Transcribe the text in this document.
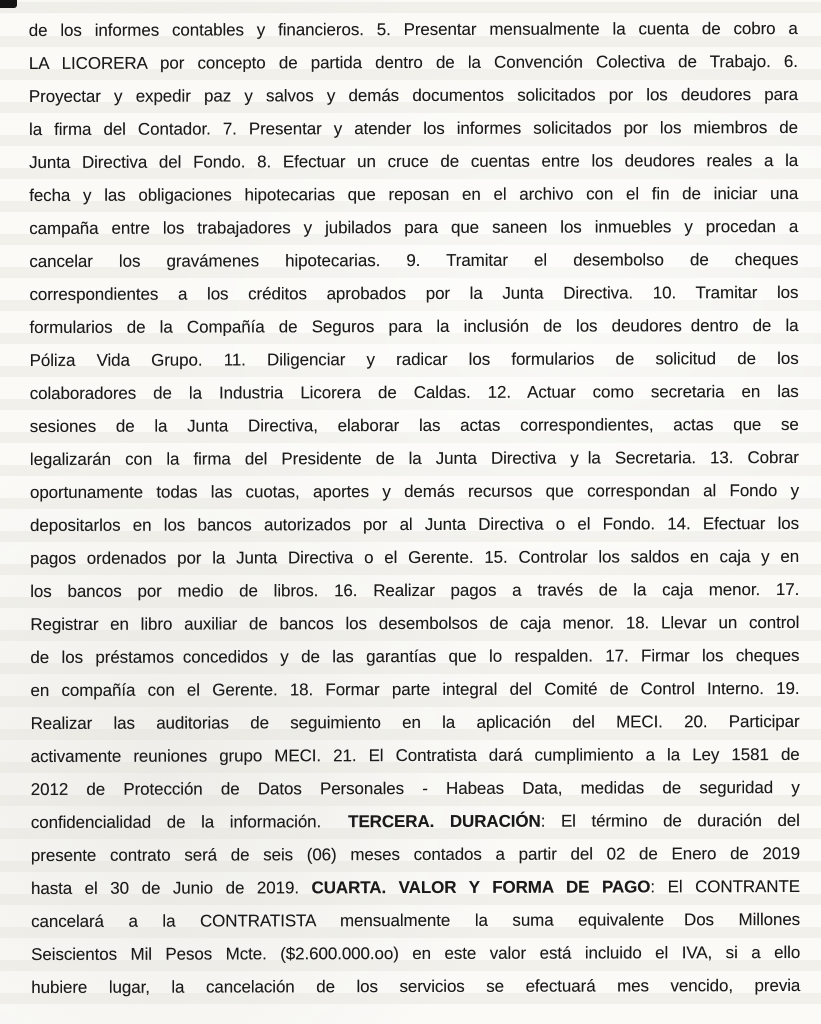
de los informes contables y financieros. 5. Presentar mensualmente la cuenta de cobro a
LA LICORERA por concepto de partida dentro de la Convención Colectiva de Trabajo. 6.
Proyectar y expedir paz y salvos y demás documentos solicitados por los deudores para
la firma del Contador. 7. Presentar y atender los informes solicitados por los miembros de
Junta Directiva del Fondo. 8. Efectuar un cruce de cuentas entre los deudores reales a la
fecha y las obligaciones hipotecarias que reposan en el archivo con el fin de iniciar una
campaña entre los trabajadores y jubilados para que saneen los inmuebles y procedan a
cancelar los gravámenes hipotecarias. 9. Tramitar el desembolso de cheques
correspondientes a los créditos aprobados por la Junta Directiva. 10. Tramitar los
formularios de la Compañía de Seguros para la inclusión de los deudores dentro de la
Póliza Vida Grupo. 11. Diligenciar y radicar los formularios de solicitud de los
colaboradores de la Industria Licorera de Caldas. 12. Actuar como secretaria en las
sesiones de la Junta Directiva, elaborar las actas correspondientes, actas que se
legalizarán con la firma del Presidente de la Junta Directiva y la Secretaria. 13. Cobrar
oportunamente todas las cuotas, aportes y demás recursos que correspondan al Fondo y
depositarlos en los bancos autorizados por al Junta Directiva o el Fondo. 14. Efectuar los
pagos ordenados por la Junta Directiva o el Gerente. 15. Controlar los saldos en caja y en
los bancos por medio de libros. 16. Realizar pagos a través de la caja menor. 17.
Registrar en libro auxiliar de bancos los desembolsos de caja menor. 18. Llevar un control
de los préstamos concedidos y de las garantías que lo respalden. 17. Firmar los cheques
en compañía con el Gerente. 18. Formar parte integral del Comité de Control Interno. 19.
Realizar las auditorias de seguimiento en la aplicación del MECI. 20. Participar
activamente reuniones grupo MECI. 21. El Contratista dará cumplimiento a la Ley 1581 de
2012 de Protección de Datos Personales - Habeas Data, medidas de seguridad y
confidencialidad de la información. TERCERA. DURACIÓN: El término de duración del
presente contrato será de seis (06) meses contados a partir del 02 de Enero de 2019
hasta el 30 de Junio de 2019. CUARTA. VALOR Y FORMA DE PAGO: El CONTRANTE
cancelará a la CONTRATISTA mensualmente la suma equivalente Dos Millones
Seiscientos Mil Pesos Mcte. ($2.600.000.oo) en este valor está incluido el IVA, si a ello
hubiere lugar, la cancelación de los servicios se efectuará mes vencido, previa
